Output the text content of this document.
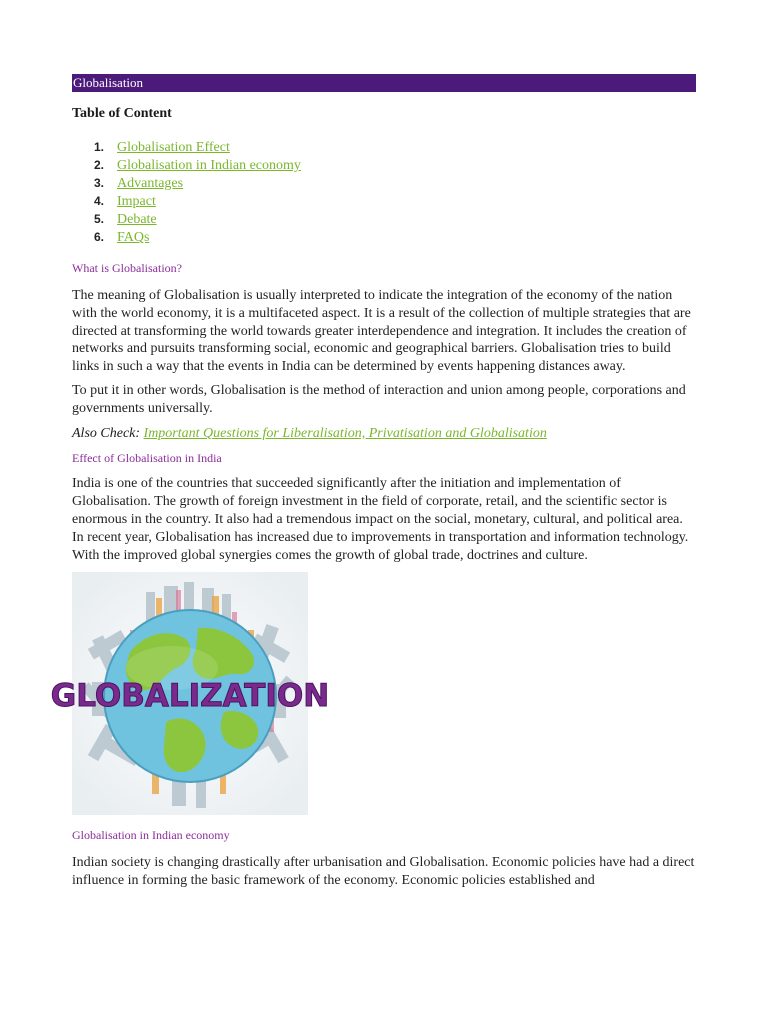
Globalisation
Table of Content
1. Globalisation Effect
2. Globalisation in Indian economy
3. Advantages
4. Impact
5. Debate
6. FAQs
What is Globalisation?
The meaning of Globalisation is usually interpreted to indicate the integration of the economy of the nation with the world economy, it is a multifaceted aspect. It is a result of the collection of multiple strategies that are directed at transforming the world towards greater interdependence and integration. It includes the creation of networks and pursuits transforming social, economic and geographical barriers. Globalisation tries to build links in such a way that the events in India can be determined by events happening distances away.
To put it in other words, Globalisation is the method of interaction and union among people, corporations and governments universally.
Also Check: Important Questions for Liberalisation, Privatisation and Globalisation
Effect of Globalisation in India
India is one of the countries that succeeded significantly after the initiation and implementation of Globalisation. The growth of foreign investment in the field of corporate, retail, and the scientific sector is enormous in the country. It also had a tremendous impact on the social, monetary, cultural, and political area. In recent year, Globalisation has increased due to improvements in transportation and information technology. With the improved global synergies comes the growth of global trade, doctrines and culture.
GLOBALIZATION
Globalisation in Indian economy
Indian society is changing drastically after urbanisation and Globalisation. Economic policies have had a direct influence in forming the basic framework of the economy. Economic policies established and
